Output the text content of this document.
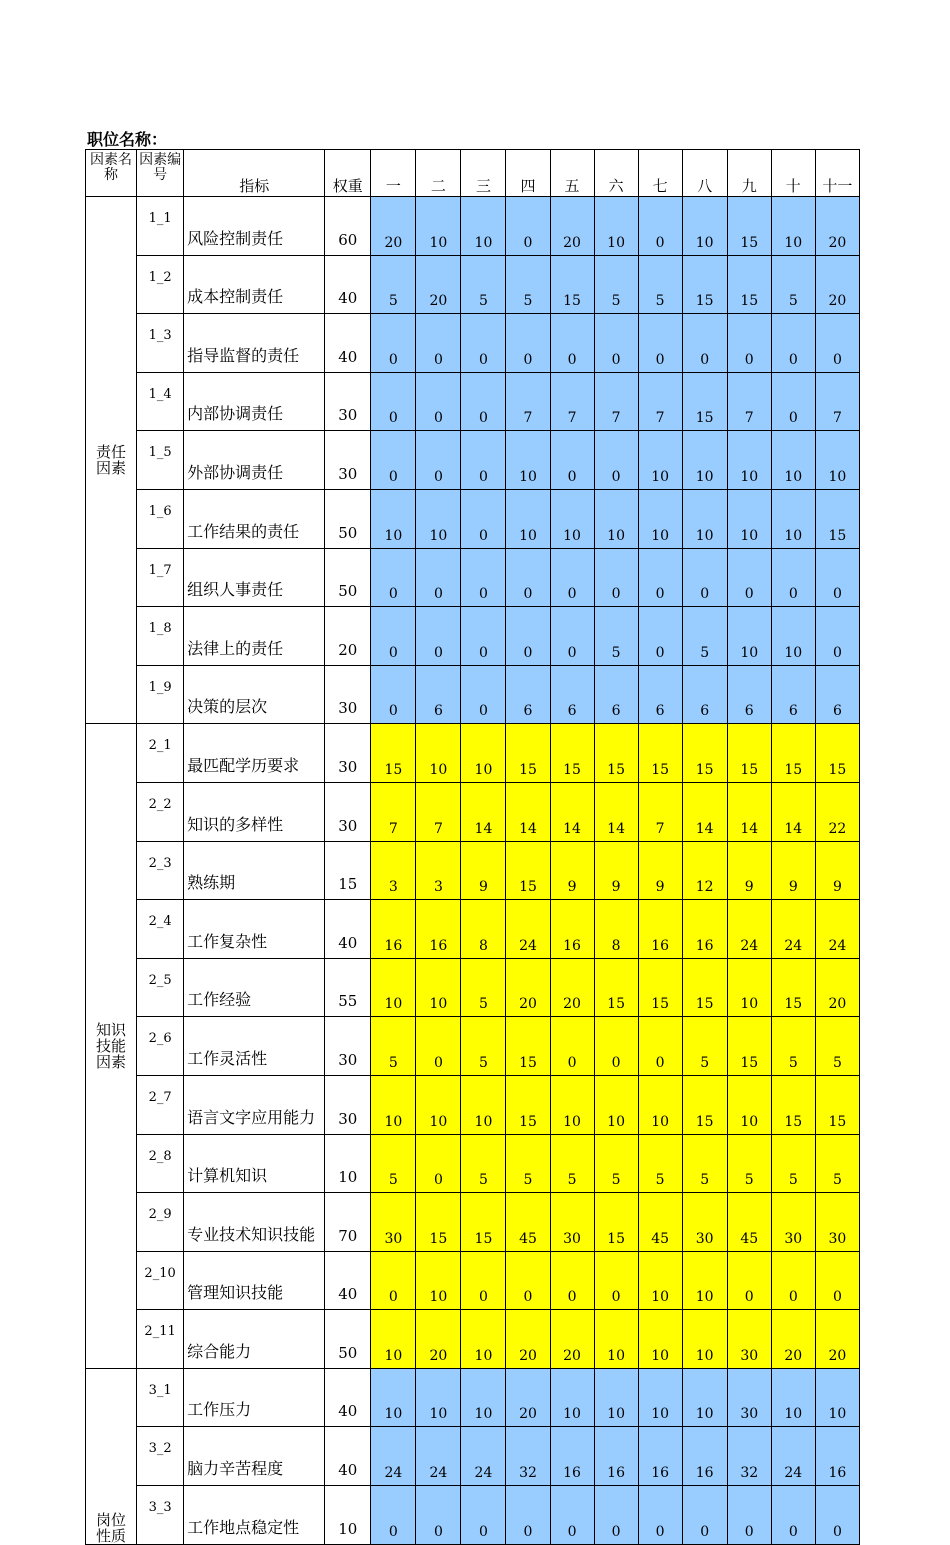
职位名称：
因素名称	因素编号	指标	权重	一	二	三	四	五	六	七	八	九	十	十一
责任因素	1_1	风险控制责任	60	20	10	10	0	20	10	0	10	15	10	20
	1_2	成本控制责任	40	5	20	5	5	15	5	5	15	15	5	20
	1_3	指导监督的责任	40	0	0	0	0	0	0	0	0	0	0	0
	1_4	内部协调责任	30	0	0	0	7	7	7	7	15	7	0	7
	1_5	外部协调责任	30	0	0	0	10	0	0	10	10	10	10	10
	1_6	工作结果的责任	50	10	10	0	10	10	10	10	10	10	10	15
	1_7	组织人事责任	50	0	0	0	0	0	0	0	0	0	0	0
	1_8	法律上的责任	20	0	0	0	0	0	5	0	5	10	10	0
	1_9	决策的层次	30	0	6	0	6	6	6	6	6	6	6	6
知识技能因素	2_1	最匹配学历要求	30	15	10	10	15	15	15	15	15	15	15	15
	2_2	知识的多样性	30	7	7	14	14	14	14	7	14	14	14	22
	2_3	熟练期	15	3	3	9	15	9	9	9	12	9	9	9
	2_4	工作复杂性	40	16	16	8	24	16	8	16	16	24	24	24
	2_5	工作经验	55	10	10	5	20	20	15	15	15	10	15	20
	2_6	工作灵活性	30	5	0	5	15	0	0	0	5	15	5	5
	2_7	语言文字应用能力	30	10	10	10	15	10	10	10	15	10	15	15
	2_8	计算机知识	10	5	0	5	5	5	5	5	5	5	5	5
	2_9	专业技术知识技能	70	30	15	15	45	30	15	45	30	45	30	30
	2_10	管理知识技能	40	0	10	0	0	0	0	10	10	0	0	0
	2_11	综合能力	50	10	20	10	20	20	10	10	10	30	20	20
岗位性质	3_1	工作压力	40	10	10	10	20	10	10	10	10	30	10	10
	3_2	脑力辛苦程度	40	24	24	24	32	16	16	16	16	32	24	16
	3_3	工作地点稳定性	10	0	0	0	0	0	0	0	0	0	0	0
